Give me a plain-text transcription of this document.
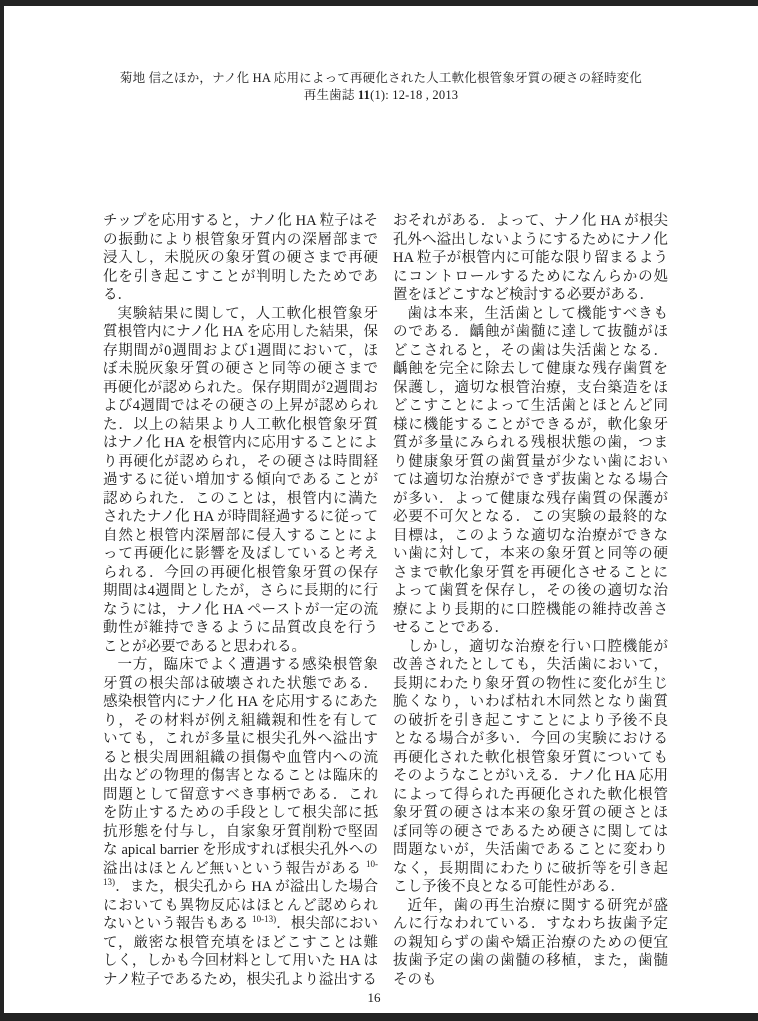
菊地 信之ほか，ナノ化 HA 応用によって再硬化された人工軟化根管象牙質の硬さの経時変化
再生歯誌 11(1): 12-18 , 2013

チップを応用すると，ナノ化 HA 粒子はその振動により根管象牙質内の深層部まで浸入し，未脱灰の象牙質の硬さまで再硬化を引き起こすことが判明したためである．

実験結果に関して，人工軟化根管象牙質根管内にナノ化 HA を応用した結果，保存期間が0週間および1週間において，ほぼ未脱灰象牙質の硬さと同等の硬さまで再硬化が認められた。保存期間が2週間および4週間ではその硬さの上昇が認められた．以上の結果より人工軟化根管象牙質はナノ化 HA を根管内に応用することにより再硬化が認められ，その硬さは時間経過するに従い増加する傾向であることが認められた．このことは，根管内に満たされたナノ化 HA が時間経過するに従って自然と根管内深層部に侵入することによって再硬化に影響を及ぼしていると考えられる．今回の再硬化根管象牙質の保存期間は4週間としたが，さらに長期的に行なうには，ナノ化 HA ペーストが一定の流動性が維持できるように品質改良を行うことが必要であると思われる。

一方，臨床でよく遭遇する感染根管象牙質の根尖部は破壊された状態である．感染根管内にナノ化 HA を応用するにあたり，その材料が例え組織親和性を有していても，これが多量に根尖孔外へ溢出すると根尖周囲組織の損傷や血管内への流出などの物理的傷害となることは臨床的問題として留意すべき事柄である．これを防止するための手段として根尖部に抵抗形態を付与し，自家象牙質削粉で堅固な apical barrier を形成すれば根尖孔外への溢出はほとんど無いという報告がある $^{10-13)}$．また，根尖孔から HA が溢出した場合においても異物反応はほとんど認められないという報告もある $^{10-13)}$．根尖部において，厳密な根管充填をほどこすことは難しく，しかも今回材料として用いた HA はナノ粒子であるため，根尖孔より溢出する

おそれがある．よって、ナノ化 HA が根尖孔外へ溢出しないようにするためにナノ化 HA 粒子が根管内に可能な限り留まるようにコントロールするためになんらかの処置をほどこすなど検討する必要がある．

歯は本来，生活歯として機能すべきものである．齲蝕が歯髄に達して抜髄がほどこされると，その歯は失活歯となる．齲蝕を完全に除去して健康な残存歯質を保護し，適切な根管治療，支台築造をほどこすことによって生活歯とほとんど同様に機能することができるが，軟化象牙質が多量にみられる残根状態の歯，つまり健康象牙質の歯質量が少ない歯においては適切な治療ができず抜歯となる場合が多い．よって健康な残存歯質の保護が必要不可欠となる．この実験の最終的な目標は，このような適切な治療ができない歯に対して，本来の象牙質と同等の硬さまで軟化象牙質を再硬化させることによって歯質を保存し，その後の適切な治療により長期的に口腔機能の維持改善させることである．

しかし，適切な治療を行い口腔機能が改善されたとしても，失活歯において，長期にわたり象牙質の物性に変化が生じ脆くなり，いわば枯れ木同然となり歯質の破折を引き起こすことにより予後不良となる場合が多い．今回の実験における再硬化された軟化根管象牙質についてもそのようなことがいえる．ナノ化 HA 応用によって得られた再硬化された軟化根管象牙質の硬さは本来の象牙質の硬さとほぼ同等の硬さであるため硬さに関しては問題ないが，失活歯であることに変わりなく，長期間にわたりに破折等を引き起こし予後不良となる可能性がある．

近年，歯の再生治療に関する研究が盛んに行なわれている．すなわち抜歯予定の親知らずの歯や矯正治療のための便宜抜歯予定の歯の歯髄の移植，また，歯髄そのも

16
